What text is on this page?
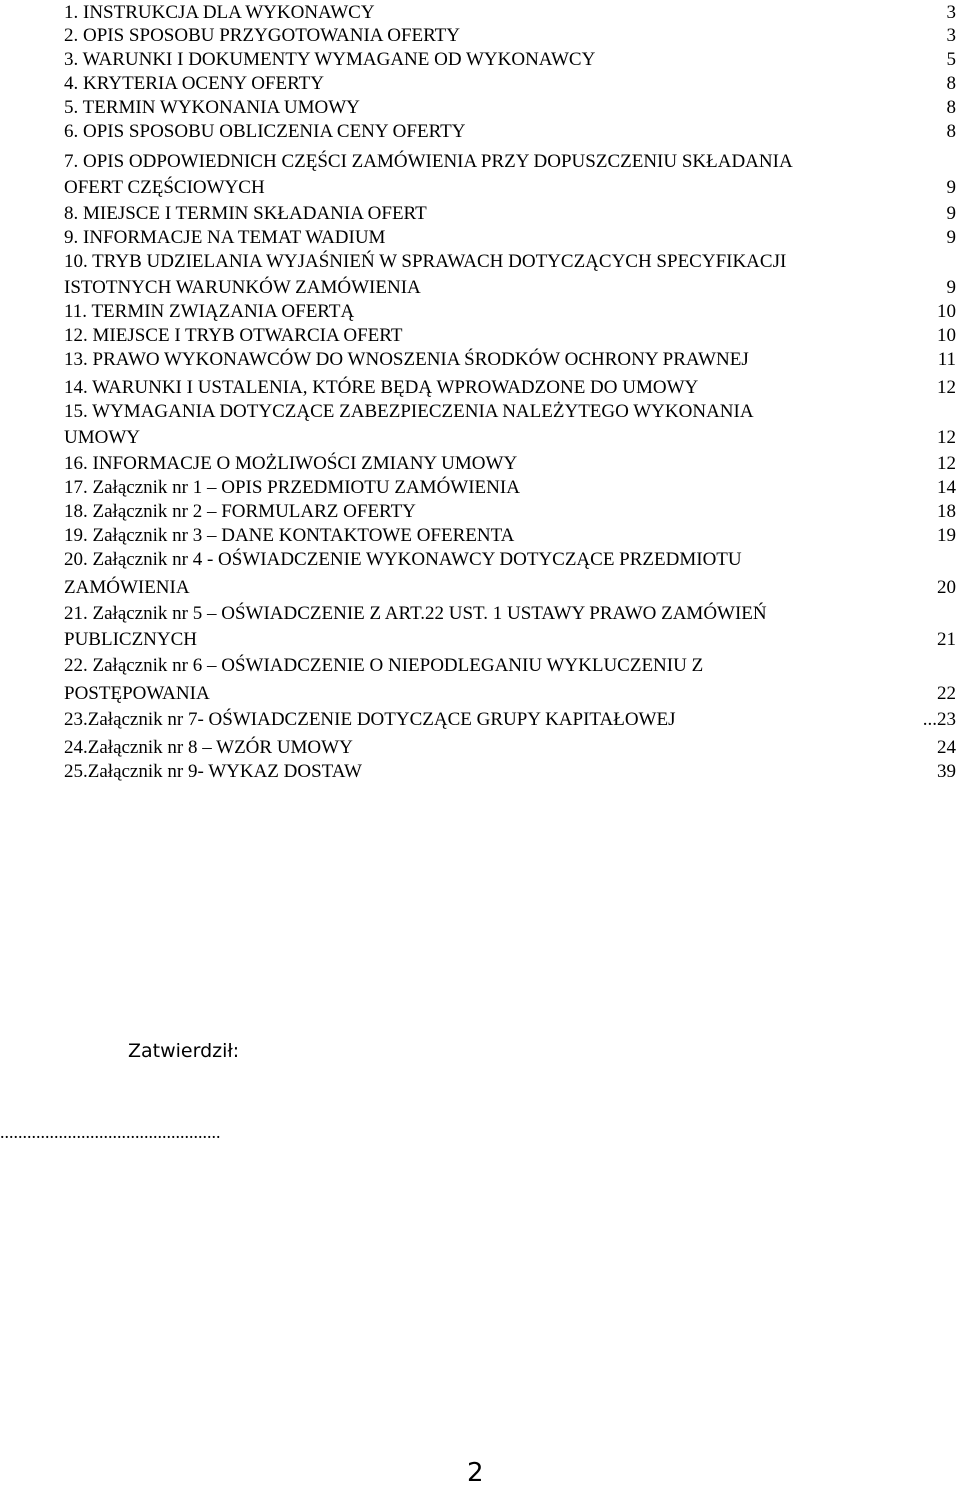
1. INSTRUKCJA DLA WYKONAWCY	3
2. OPIS SPOSOBU PRZYGOTOWANIA OFERTY	3
3. WARUNKI I DOKUMENTY WYMAGANE OD WYKONAWCY	5
4. KRYTERIA OCENY OFERTY	8
5. TERMIN WYKONANIA UMOWY	8
6. OPIS SPOSOBU OBLICZENIA CENY OFERTY	8
7. OPIS ODPOWIEDNICH CZĘŚCI ZAMÓWIENIA PRZY DOPUSZCZENIU SKŁADANIA
OFERT CZĘŚCIOWYCH	9
8. MIEJSCE I TERMIN SKŁADANIA OFERT	9
9. INFORMACJE NA TEMAT WADIUM	9
10. TRYB UDZIELANIA WYJAŚNIEŃ W SPRAWACH DOTYCZĄCYCH SPECYFIKACJI
ISTOTNYCH WARUNKÓW ZAMÓWIENIA	9
11. TERMIN ZWIĄZANIA OFERTĄ	10
12. MIEJSCE I TRYB OTWARCIA OFERT	10
13. PRAWO WYKONAWCÓW DO WNOSZENIA ŚRODKÓW OCHRONY PRAWNEJ	11
14. WARUNKI I USTALENIA, KTÓRE BĘDĄ WPROWADZONE DO UMOWY	12
15. WYMAGANIA DOTYCZĄCE ZABEZPIECZENIA NALEŻYTEGO WYKONANIA
UMOWY	12
16. INFORMACJE O MOŻLIWOŚCI ZMIANY UMOWY	12
17. Załącznik nr 1 – OPIS PRZEDMIOTU ZAMÓWIENIA	14
18. Załącznik nr 2 – FORMULARZ OFERTY	18
19. Załącznik nr 3 – DANE KONTAKTOWE OFERENTA	19
20. Załącznik nr 4 - OŚWIADCZENIE WYKONAWCY DOTYCZĄCE PRZEDMIOTU
ZAMÓWIENIA	20
21. Załącznik nr 5 – OŚWIADCZENIE Z ART.22 UST. 1 USTAWY PRAWO ZAMÓWIEŃ
PUBLICZNYCH	21
22. Załącznik nr 6 – OŚWIADCZENIE O NIEPODLEGANIU WYKLUCZENIU Z
POSTĘPOWANIA	22
23.Załącznik nr 7- OŚWIADCZENIE DOTYCZĄCE GRUPY KAPITAŁOWEJ	...23
24.Załącznik nr 8 – WZÓR UMOWY	24
25.Załącznik nr 9- WYKAZ DOSTAW	39
Zatwierdził:
.................................................
2
